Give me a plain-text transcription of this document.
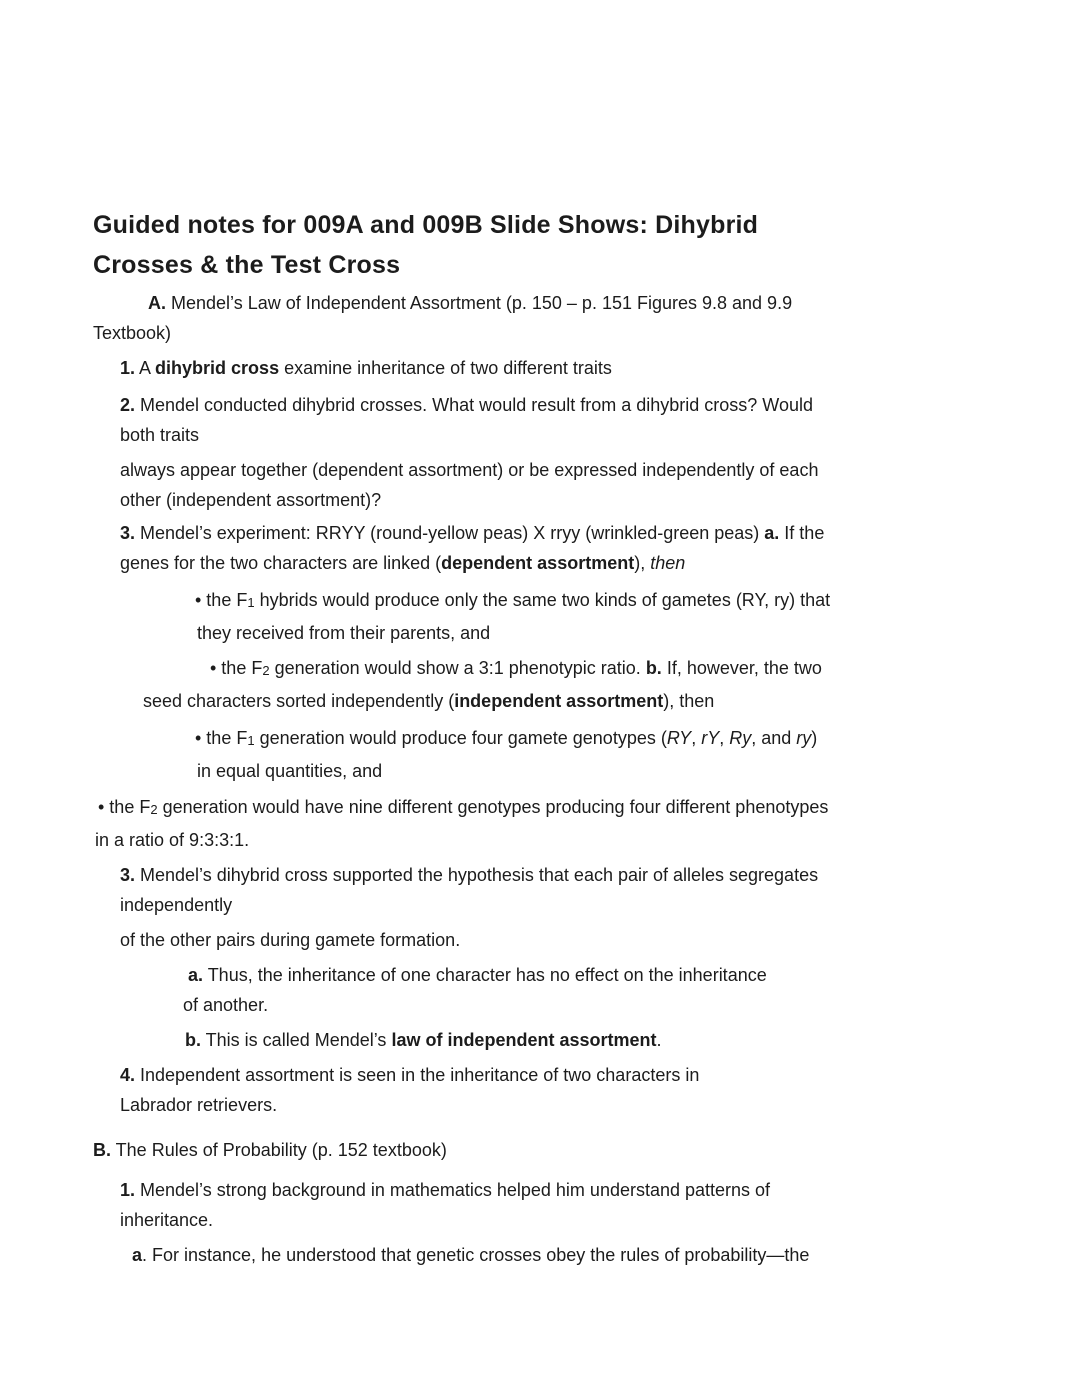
Guided notes for 009A and 009B Slide Shows: Dihybrid
Crosses & the Test Cross
A. Mendel’s Law of Independent Assortment (p. 150 – p. 151 Figures 9.8 and 9.9
Textbook)
1. A dihybrid cross examine inheritance of two different traits
2. Mendel conducted dihybrid crosses. What would result from a dihybrid cross? Would
both traits
always appear together (dependent assortment) or be expressed independently of each
other (independent assortment)?
3. Mendel’s experiment: RRYY (round-yellow peas) X rryy (wrinkled-green peas) a. If the
genes for the two characters are linked (dependent assortment), then
• the F1 hybrids would produce only the same two kinds of gametes (RY, ry) that
they received from their parents, and
• the F2 generation would show a 3:1 phenotypic ratio. b. If, however, the two
seed characters sorted independently (independent assortment), then
• the F1 generation would produce four gamete genotypes (RY, rY, Ry, and ry)
in equal quantities, and
• the F2 generation would have nine different genotypes producing four different phenotypes
in a ratio of 9:3:3:1.
3. Mendel’s dihybrid cross supported the hypothesis that each pair of alleles segregates
independently
of the other pairs during gamete formation.
a. Thus, the inheritance of one character has no effect on the inheritance
of another.
b. This is called Mendel’s law of independent assortment.
4. Independent assortment is seen in the inheritance of two characters in
Labrador retrievers.
B. The Rules of Probability (p. 152 textbook)
1. Mendel’s strong background in mathematics helped him understand patterns of
inheritance.
a. For instance, he understood that genetic crosses obey the rules of probability—the
